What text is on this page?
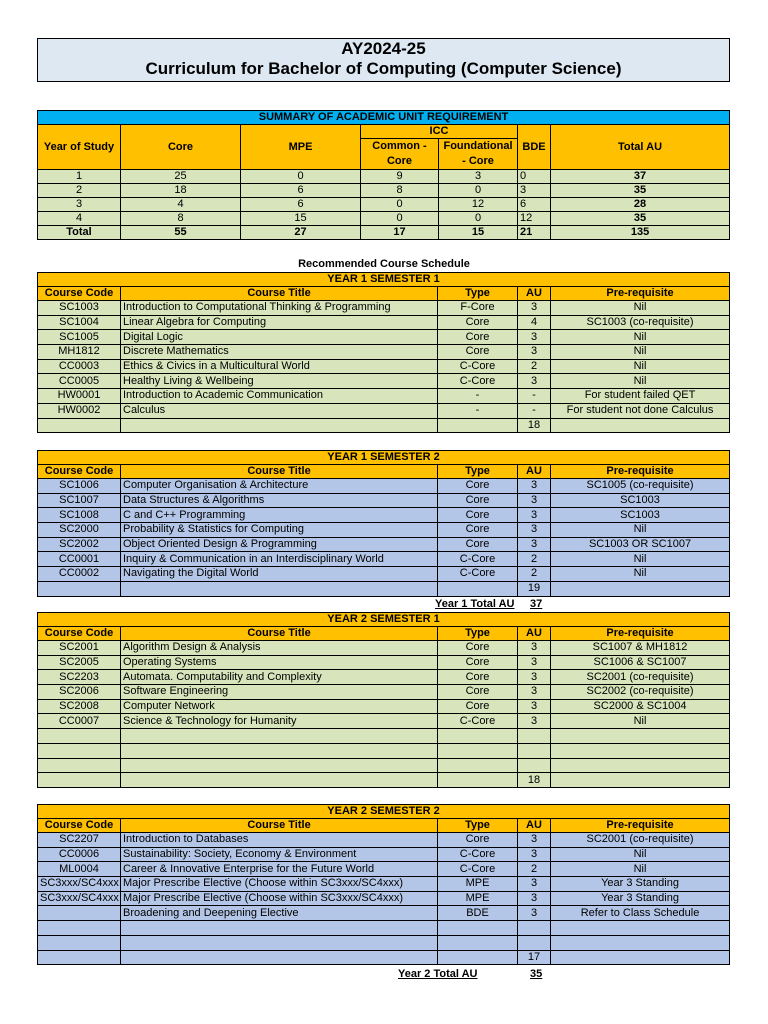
AY2024-25
Curriculum for Bachelor of Computing (Computer Science)
SUMMARY OF ACADEMIC UNIT REQUIREMENT						
Year of Study	Core	MPE	ICC		BDE	Total AU
			Common - Core	Foundational - Core		

1	25	0	9	3	0	37
2	18	6	8	0	3	35
3	4	6	0	12	6	28
4	8	15	0	0	12	35
Total	55	27	17	15	21	135
Recommended Course Schedule
YEAR 1 SEMESTER 1				
Course Code	Course Title	Type	AU	Pre-requisite
SC1003	Introduction to Computational Thinking & Programming	F-Core	3	Nil
SC1004	Linear Algebra for Computing	Core	4	SC1003 (co-requisite)
SC1005	Digital Logic	Core	3	Nil
MH1812	Discrete Mathematics	Core	3	Nil
CC0003	Ethics & Civics in a Multicultural World	C-Core	2	Nil
CC0005	Healthy Living & Wellbeing	C-Core	3	Nil
HW0001	Introduction to Academic Communication	-	-	For student failed QET
HW0002	Calculus	-	-	For student not done Calculus
			18	
YEAR 1 SEMESTER 2				
Course Code	Course Title	Type	AU	Pre-requisite
SC1006	Computer Organisation & Architecture	Core	3	SC1005 (co-requisite)
SC1007	Data Structures & Algorithms	Core	3	SC1003
SC1008	C and C++ Programming	Core	3	SC1003
SC2000	Probability & Statistics for Computing	Core	3	Nil
SC2002	Object Oriented Design & Programming	Core	3	SC1003 OR SC1007
CC0001	Inquiry & Communication in an Interdisciplinary World	C-Core	2	Nil
CC0002	Navigating the Digital World	C-Core	2	Nil
			19	
Year 1 Total AU 37
YEAR 2 SEMESTER 1				
Course Code	Course Title	Type	AU	Pre-requisite
SC2001	Algorithm Design & Analysis	Core	3	SC1007 & MH1812
SC2005	Operating Systems	Core	3	SC1006 & SC1007
SC2203	Automata. Computability and Complexity	Core	3	SC2001 (co-requisite)
SC2006	Software Engineering	Core	3	SC2002 (co-requisite)
SC2008	Computer Network	Core	3	SC2000 & SC1004
CC0007	Science & Technology for Humanity	C-Core	3	Nil

			18	
YEAR 2 SEMESTER 2				
Course Code	Course Title	Type	AU	Pre-requisite
SC2207	Introduction to Databases	Core	3	SC2001 (co-requisite)
CC0006	Sustainability: Society, Economy & Environment	C-Core	3	Nil
ML0004	Career & Innovative Enterprise for the Future World	C-Core	2	Nil
SC3xxx/SC4xxx	Major Prescribe Elective (Choose within SC3xxx/SC4xxx)	MPE	3	Year 3 Standing
SC3xxx/SC4xxx	Major Prescribe Elective (Choose within SC3xxx/SC4xxx)	MPE	3	Year 3 Standing
	Broadening and Deepening Elective	BDE	3	Refer to Class Schedule

			17	
Year 2 Total AU	35
